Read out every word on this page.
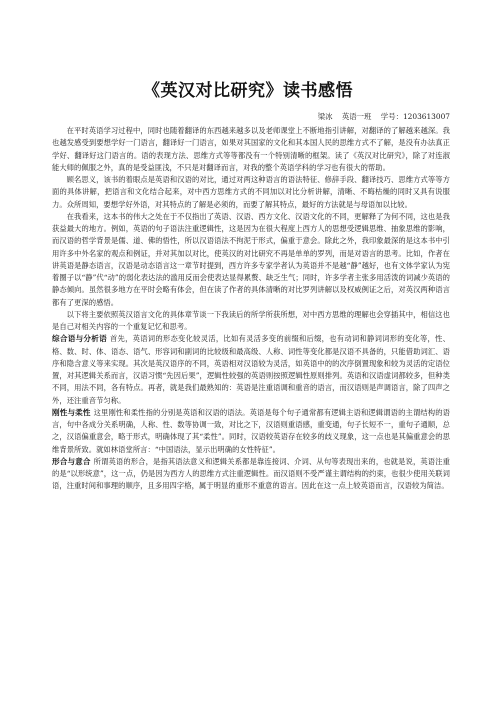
《英汉对比研究》读书感悟
梁冰 英语一班 学号：1203613007

在平时英语学习过程中，同时也随着翻译的东西越来越多以及老师课堂上不断地指引讲解，对翻译的了解越来越深。我也越发感受到要想学好一门语言，翻译好一门语言，如果对其国家的文化和其本国人民的思维方式不了解，是没有办法真正学好、翻译好这门语言的。语的表现方法、思维方式等等都没有一个特别清晰的框架。读了《英汉对比研究》，除了对连淑能大师的佩服之外，真的是受益匪浅，不只是对翻译而言，对我的整个英语学科的学习也有很大的帮助。

顾名思义，该书的着眼点是英语和汉语的对比，通过对两这种语言的语法特征、修辞手段、翻译技巧、思维方式等等方面的具体讲解，把语言和文化结合起来，对中西方思维方式的不同加以对比分析讲解，清晰、不晦枯燥的同时又具有说服力。众所周知，要想学好外语，对其特点的了解是必须的，而要了解其特点，最好的方法就是与母语加以比较。

在我看来，这本书的伟大之处在于不仅指出了英语、汉语、西方文化、汉语文化的不同，更解释了为何不同，这也是我获益最大的地方。例如，英语的句子语法注重逻辑性，这是因为在很大程度上西方人的思想受逻辑思维、抽象思维的影响，而汉语的哲学背景是儒、道、佛的悟性，所以汉语语法不拘泥于形式，偏重于意会。除此之外，我印象最深的是这本书中引用许多中外名家的观点和例证，并对其加以对比，使英汉的对比研究不再是单单的罗列，而是对语言的思考。比如，作者在讲英语是静态语言，汉语是动态语言这一章节时提到，西方许多专家学者认为英语并不是越“静”越好，也有文体学家认为宪着圈子以“静”代“动”的弱化表达法的滥用反而会使表达显得累赘、缺乏生气；同时，许多学者主张多用活泼的词减少英语的静态倾向。虽然很多地方在平时会略有体会，但在读了作者的具体清晰的对比罗列讲解以及权威例证之后，对英汉两种语言都有了更深的感悟。

以下将主要依照英汉语言文化的具体章节谈一下我读后的所学所获所想，对中西方思维的理解也会穿插其中，相信这也是自己对相关内容的一个重复记忆和思考。

综合语与分析语 首先，英语词的形态变化较灵活，比如有灵活多变的前缀和后缀，也有动词和静词词形的变化等，性、格、数、时、体、语态、语气、形容词和副词的比较级和最高级、人称、词性等变化都是汉语不具备的，只能借助词汇、语序和隐含意义等来实现。其次是英汉语序的不同，英语相对汉语较为灵活，如英语中的的次序倒置现象和较为灵活的定语位置，对其逻辑关系而言，汉语习惯“先因后果”，逻辑性较强的英语则按照逻辑性原则排列。英语和汉语虚词都较多，但种类不同，用法不同，各有特点。再者，就是我们最熟知的：英语是注重语调和重音的语言，而汉语则是声调语言，除了四声之外，还注重音节匀称。

刚性与柔性 这里刚性和柔性指的分别是英语和汉语的语法。英语是每个句子通常都有逻辑主语和逻辑谓语的主谓结构的语言，句中各成分关系明确，人称、性、数等协调一致，对比之下，汉语则重语感，重变通，句子长短不一，重句子通顺，总之，汉语偏重意会，略于形式，明确体现了其“柔性”。同时，汉语较英语存在较多的歧义现象，这一点也是其偏重意会的思维背景所致。就如林语堂所言：“中国语法，显示出明确的女性特征”。

形合与意合 所谓英语的形合，是指其语法意义和逻辑关系都是靠连接词、介词、从句等表现出来的，也就是说，英语注重的是“以形统意”，这一点，仍是因为西方人的思维方式注重逻辑性。而汉语则不受严谨主谓结构的约束，也很少使用关联词语，注重时间和事理的顺序，且多用四字格，属于明显的重形不重意的语言。因此在这一点上较英语而言，汉语较为简洁。
